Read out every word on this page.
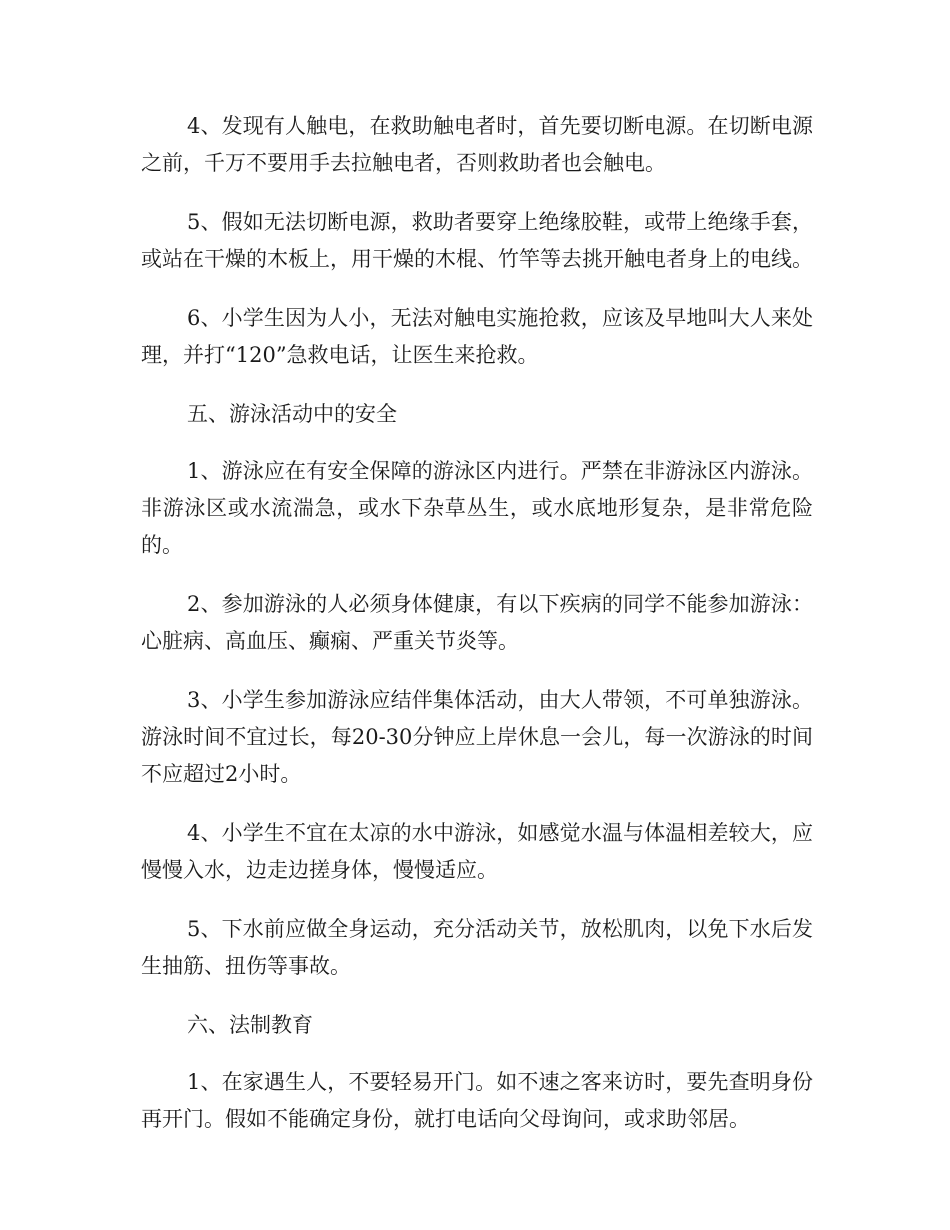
4、发现有人触电，在救助触电者时，首先要切断电源。在切断电源之前，千万不要用手去拉触电者，否则救助者也会触电。

5、假如无法切断电源，救助者要穿上绝缘胶鞋，或带上绝缘手套，或站在干燥的木板上，用干燥的木棍、竹竿等去挑开触电者身上的电线。

6、小学生因为人小，无法对触电实施抢救，应该及早地叫大人来处理，并打“120”急救电话，让医生来抢救。

五、游泳活动中的安全

1、游泳应在有安全保障的游泳区内进行。严禁在非游泳区内游泳。非游泳区或水流湍急，或水下杂草丛生，或水底地形复杂，是非常危险的。

2、参加游泳的人必须身体健康，有以下疾病的同学不能参加游泳：心脏病、高血压、癫痫、严重关节炎等。

3、小学生参加游泳应结伴集体活动，由大人带领，不可单独游泳。游泳时间不宜过长，每20-30分钟应上岸休息一会儿，每一次游泳的时间不应超过2小时。

4、小学生不宜在太凉的水中游泳，如感觉水温与体温相差较大，应慢慢入水，边走边搓身体，慢慢适应。

5、下水前应做全身运动，充分活动关节，放松肌肉，以免下水后发生抽筋、扭伤等事故。

六、法制教育

1、在家遇生人，不要轻易开门。如不速之客来访时，要先查明身份再开门。假如不能确定身份，就打电话向父母询问，或求助邻居。
